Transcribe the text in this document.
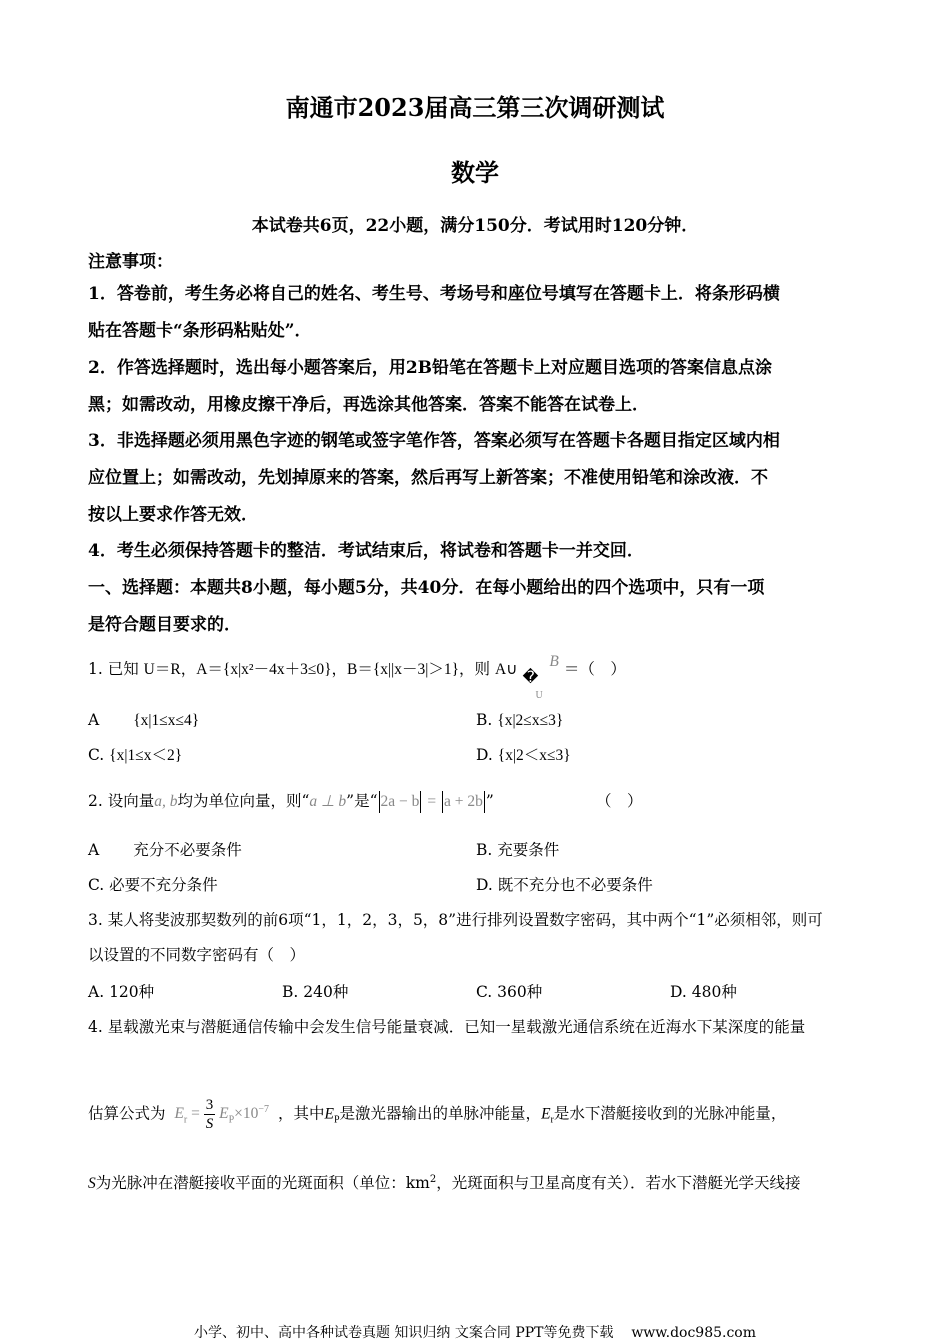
南通市2023届高三第三次调研测试
数学
本试卷共6页，22小题，满分150分．考试用时120分钟．
注意事项：
1．答卷前，考生务必将自己的姓名、考生号、考场号和座位号填写在答题卡上．将条形码横
贴在答题卡“条形码粘贴处”．
2．作答选择题时，选出每小题答案后，用2B铅笔在答题卡上对应题目选项的答案信息点涂
黑；如需改动，用橡皮擦干净后，再选涂其他答案．答案不能答在试卷上．
3．非选择题必须用黑色字迹的钢笔或签字笔作答，答案必须写在答题卡各题目指定区域内相
应位置上；如需改动，先划掉原来的答案，然后再写上新答案；不准使用铅笔和涂改液．不
按以上要求作答无效．
4．考生必须保持答题卡的整洁．考试结束后，将试卷和答题卡一并交回．
一、选择题：本题共8小题，每小题5分，共40分．在每小题给出的四个选项中，只有一项
是符合题目要求的．
1. 已知 U＝R，A＝{x|x²－4x＋3≤0}，B＝{x||x－3|＞1}，则 A∪ �
U
B ＝（　）
A {x|1≤x≤4}	B. {x|2≤x≤3}
C. {x|1≤x＜2}	D. {x|2＜x≤3}
2. 设向量a, b均为单位向量，则“a ⊥ b”是“ 2a − b = a + 2b ”	（　）
A 充分不必要条件	B. 充要条件
C. 必要不充分条件	D. 既不充分也不必要条件
3. 某人将斐波那契数列的前6项“1，1，2，3，5，8”进行排列设置数字密码，其中两个“1”必须相邻，则可
以设置的不同数字密码有（　）
A. 120种	B. 240种	C. 360种	D. 480种
4. 星载激光束与潜艇通信传输中会发生信号能量衰减．已知一星载激光通信系统在近海水下某深度的能量
估算公式为 $E_r = \frac{3}{S} E_P\times 10^{-7}$ ，其中$E_P$是激光器输出的单脉冲能量，$E_r$是水下潜艇接收到的光脉冲能量，
S为光脉冲在潜艇接收平面的光斑面积（单位：$km^2$，光斑面积与卫星高度有关）．若水下潜艇光学天线接
小学、初中、高中各种试卷真题 知识归纳 文案合同 PPT等免费下载 www.doc985.com
